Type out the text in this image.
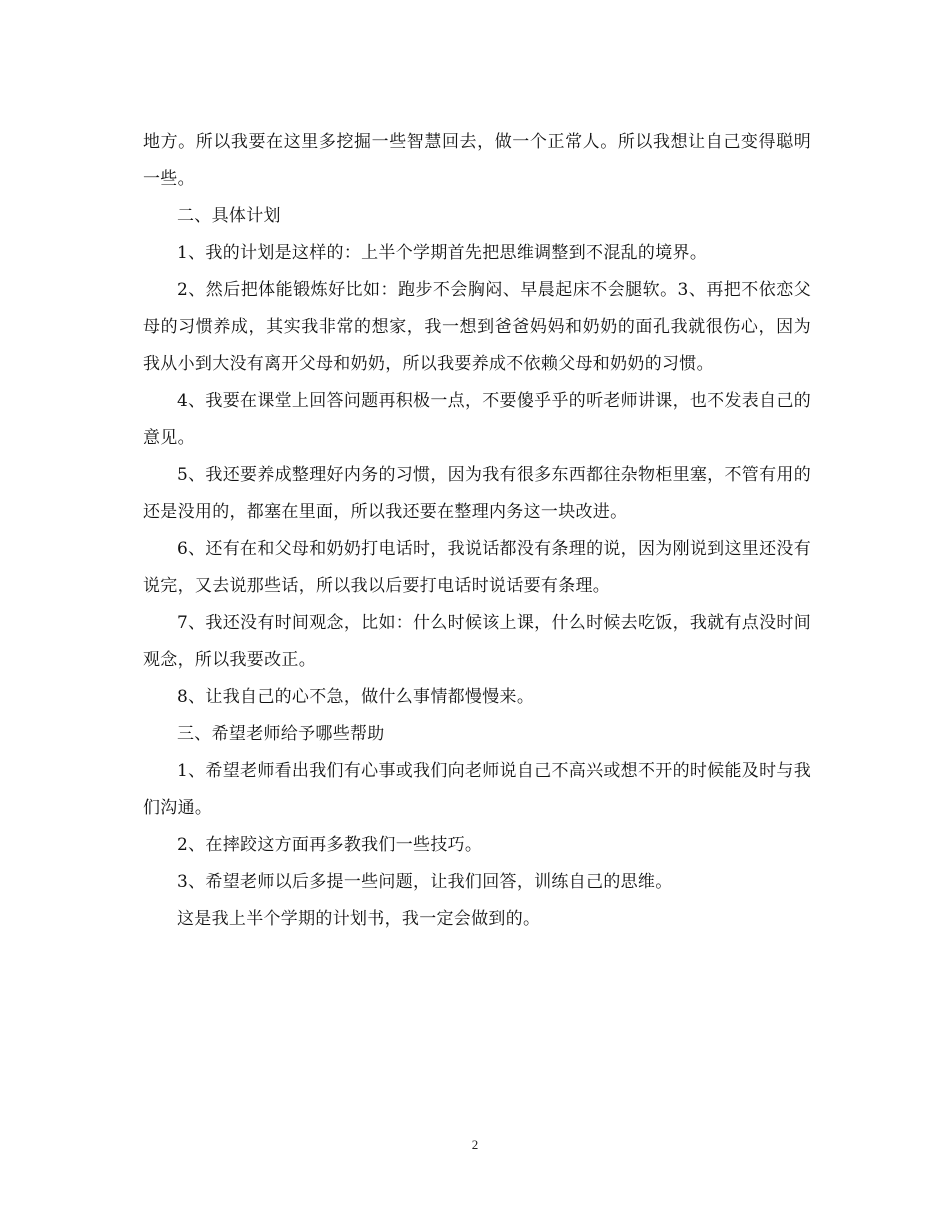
地方。所以我要在这里多挖掘一些智慧回去，做一个正常人。所以我想让自己变得聪明一些。

二、具体计划

1、我的计划是这样的：上半个学期首先把思维调整到不混乱的境界。

2、然后把体能锻炼好比如：跑步不会胸闷、早晨起床不会腿软。3、再把不依恋父母的习惯养成，其实我非常的想家，我一想到爸爸妈妈和奶奶的面孔我就很伤心，因为我从小到大没有离开父母和奶奶，所以我要养成不依赖父母和奶奶的习惯。

4、我要在课堂上回答问题再积极一点，不要傻乎乎的听老师讲课，也不发表自己的意见。

5、我还要养成整理好内务的习惯，因为我有很多东西都往杂物柜里塞，不管有用的还是没用的，都塞在里面，所以我还要在整理内务这一块改进。

6、还有在和父母和奶奶打电话时，我说话都没有条理的说，因为刚说到这里还没有说完，又去说那些话，所以我以后要打电话时说话要有条理。

7、我还没有时间观念，比如：什么时候该上课，什么时候去吃饭，我就有点没时间观念，所以我要改正。

8、让我自己的心不急，做什么事情都慢慢来。

三、希望老师给予哪些帮助

1、希望老师看出我们有心事或我们向老师说自己不高兴或想不开的时候能及时与我们沟通。

2、在摔跤这方面再多教我们一些技巧。

3、希望老师以后多提一些问题，让我们回答，训练自己的思维。

这是我上半个学期的计划书，我一定会做到的。

2
